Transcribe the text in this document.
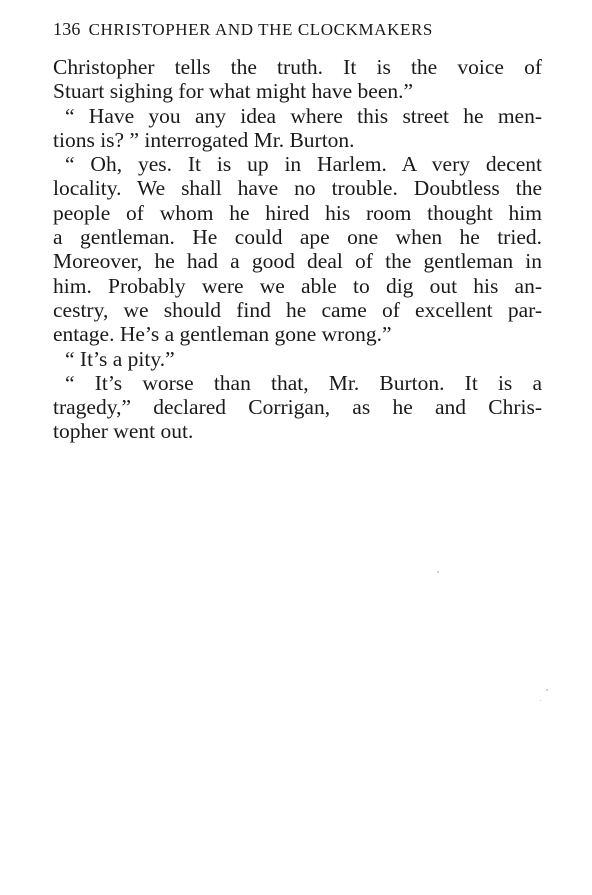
136 CHRISTOPHER AND THE CLOCKMAKERS
Christopher tells the truth. It is the voice of
Stuart sighing for what might have been.”
“ Have you any idea where this street he men-
tions is? ” interrogated Mr. Burton.
“ Oh, yes. It is up in Harlem. A very decent
locality. We shall have no trouble. Doubtless the
people of whom he hired his room thought him
a gentleman. He could ape one when he tried.
Moreover, he had a good deal of the gentleman in
him. Probably were we able to dig out his an-
cestry, we should find he came of excellent par-
entage. He’s a gentleman gone wrong.”
“ It’s a pity.”
“ It’s worse than that, Mr. Burton. It is a
tragedy,” declared Corrigan, as he and Chris-
topher went out.
